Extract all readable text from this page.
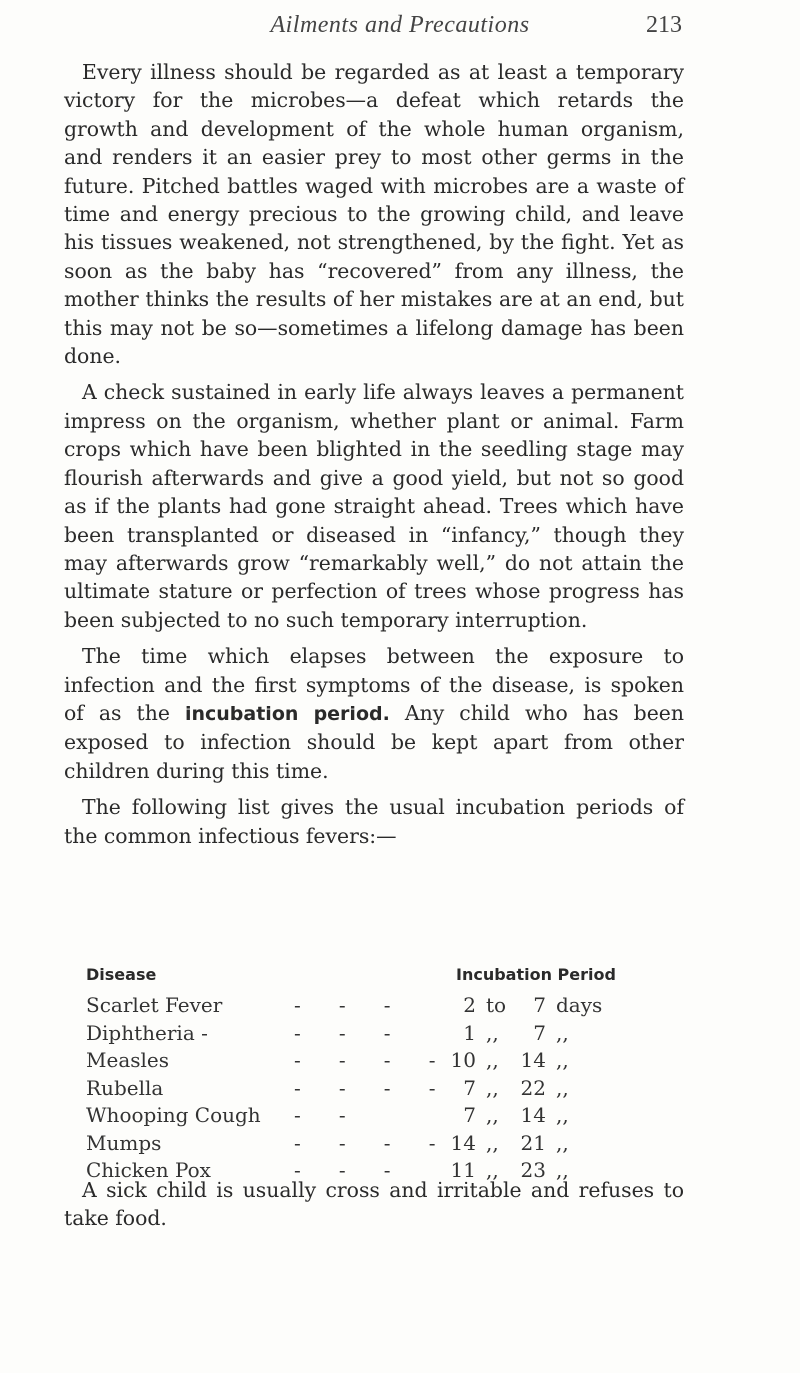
Ailments and Precautions	213

Every illness should be regarded as at least a temporary victory for the microbes—a defeat which retards the growth and development of the whole human organism, and renders it an easier prey to most other germs in the future. Pitched battles waged with microbes are a waste of time and energy precious to the growing child, and leave his tissues weakened, not strengthened, by the fight. Yet as soon as the baby has “recovered” from any illness, the mother thinks the results of her mistakes are at an end, but this may not be so—sometimes a lifelong damage has been done.

A check sustained in early life always leaves a permanent impress on the organism, whether plant or animal. Farm crops which have been blighted in the seedling stage may flourish afterwards and give a good yield, but not so good as if the plants had gone straight ahead. Trees which have been transplanted or diseased in “infancy,” though they may afterwards grow “remarkably well,” do not attain the ultimate stature or perfection of trees whose progress has been subjected to no such temporary interruption.

The time which elapses between the exposure to infection and the first symptoms of the disease, is spoken of as the incubation period. Any child who has been exposed to infection should be kept apart from other children during this time.

The following list gives the usual incubation periods of the common infectious fevers:—

Disease	Incubation Period
Scarlet Fever	-      -      -	2 to	7 days
Diphtheria -	-      -      -	1 ,,	7 ,,
Measles	-      -      -      - 10 ,, 14 ,,
Rubella	-      -      -      -	7 ,, 22 ,,
Whooping Cough -      -	7 ,, 14 ,,
Mumps	-      -      -      - 14 ,, 21 ,,
Chicken Pox	-      -      -	11 ,, 23 ,,

A sick child is usually cross and irritable and refuses to take food.
